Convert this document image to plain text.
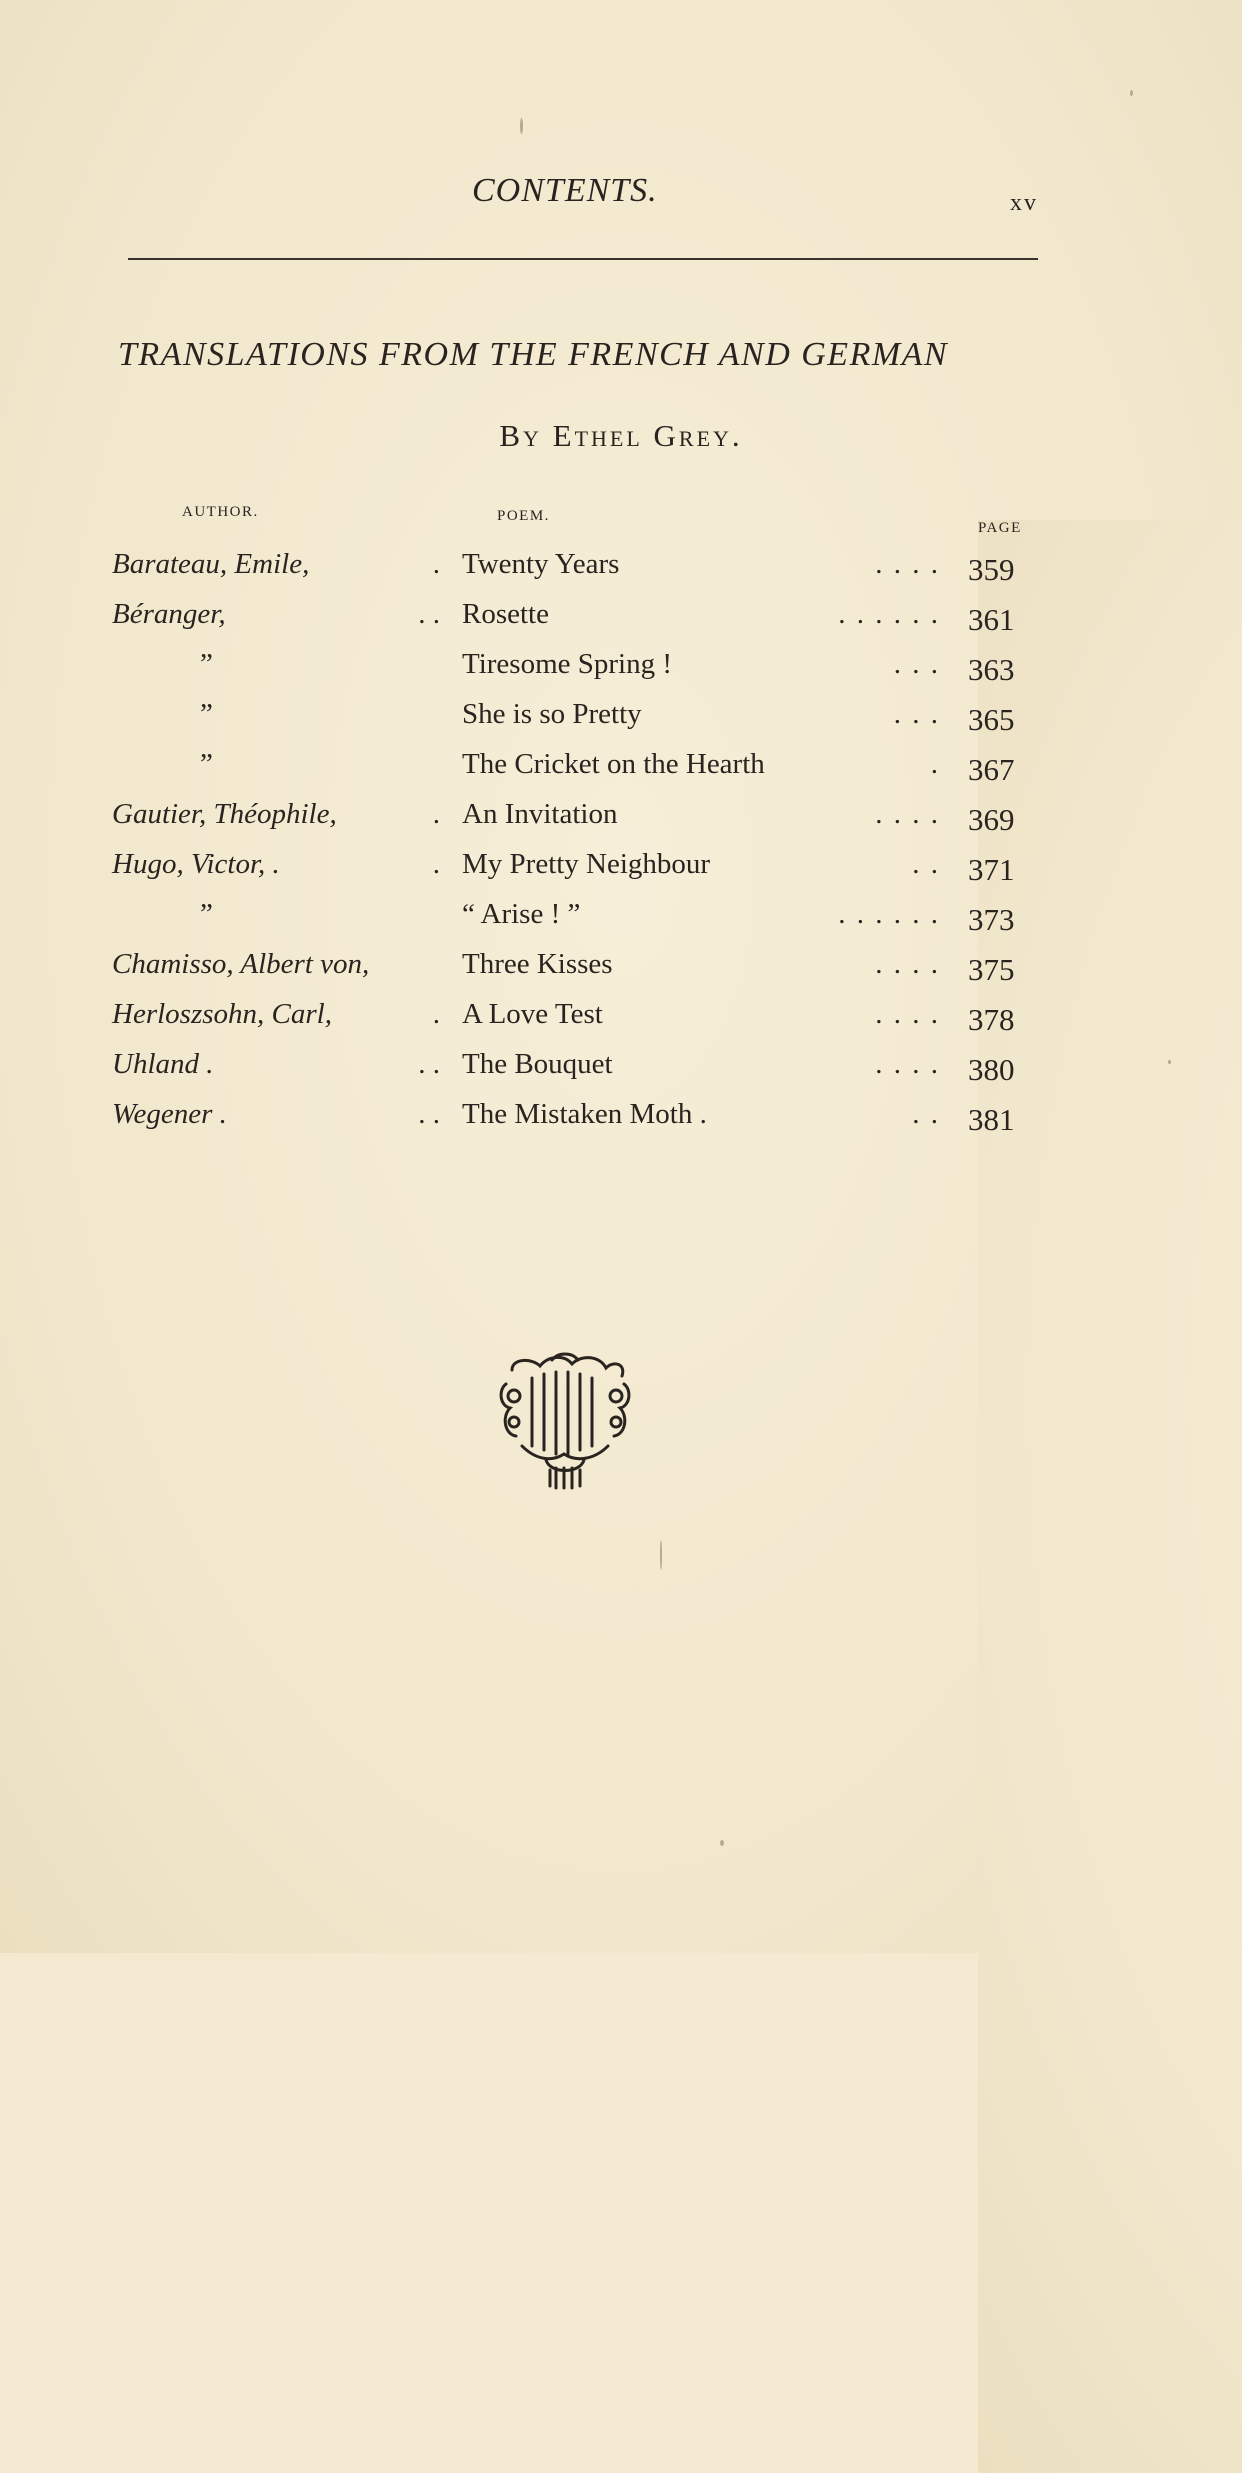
CONTENTS.	xv
TRANSLATIONS FROM THE FRENCH AND GERMAN
By Ethel Grey.
AUTHOR.	POEM.
PAGE
Barateau, Emile,	. Twenty Years	. . . . 359
Béranger,	. . Rosette	. . . . . . 361
”	Tiresome Spring !	. . . 363
”	She is so Pretty	. . . 365
”	The Cricket on the Hearth	. 367
Gautier, Théophile,	. An Invitation	. . . . 369
Hugo, Victor, .	. My Pretty Neighbour	. . 371
”	“ Arise ! ”	. . . . . . 373
Chamisso, Albert von,	Three Kisses	. . . . 375
Herloszsohn, Carl,	. A Love Test	. . . . 378
Uhland .	. . The Bouquet	. . . . 380
Wegener .	. . The Mistaken Moth .	. . 381
